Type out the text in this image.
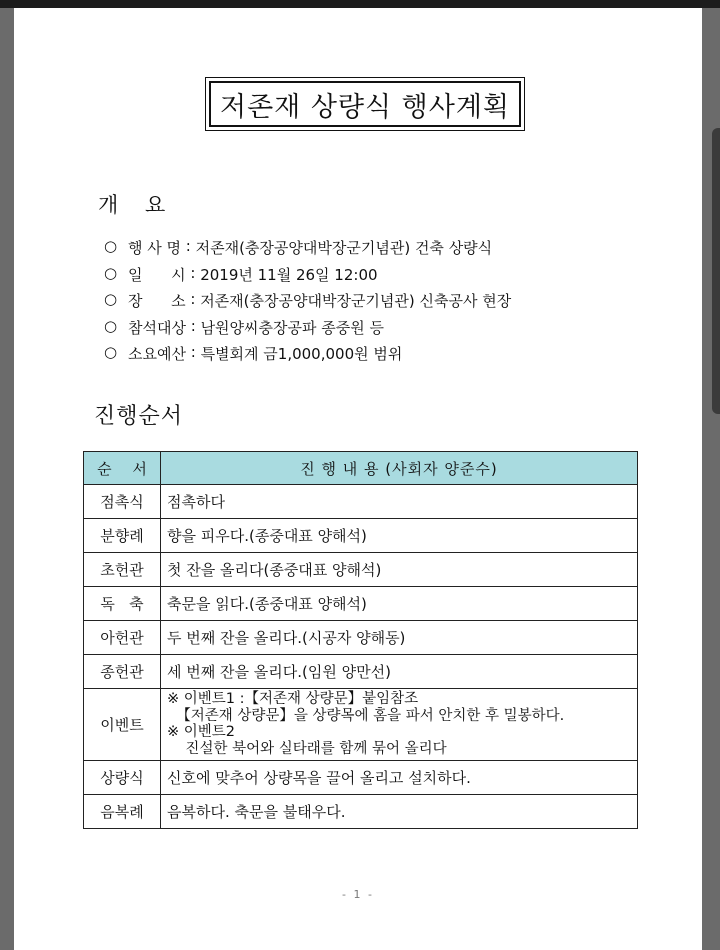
저존재 상량식 행사계획
개 요
○ 행 사 명 : 저존재(충장공양대박장군기념관) 건축 상량식
○ 일      시 : 2019년 11월 26일 12:00
○ 장      소 : 저존재(충장공양대박장군기념관) 신축공사 현장
○ 참석대상 : 남원양씨충장공파 종중원 등
○ 소요예산 : 특별회계 금1,000,000원 범위
진행순서
순 서	진 행 내 용 (사회자 양준수)
점촉식	점촉하다
분향례	향을 피우다.(종중대표 양해석)
초헌관	첫 잔을 올리다(종중대표 양해석)
독   축	축문을 읽다.(종중대표 양해석)
아헌관	두 번째 잔을 올리다.(시공자 양해동)
종헌관	세 번째 잔을 올리다.(임원 양만선)
이벤트	※ 이벤트1 :【저존재 상량문】붙임참조
【저존재 상량문】을 상량목에 홈을 파서 안치한 후 밀봉하다.
※ 이벤트2
진설한 북어와 실타래를 함께 묶어 올리다

상량식	신호에 맞추어 상량목을 끌어 올리고 설치하다.
음복례	음복하다. 축문을 불태우다.
- 1 -
